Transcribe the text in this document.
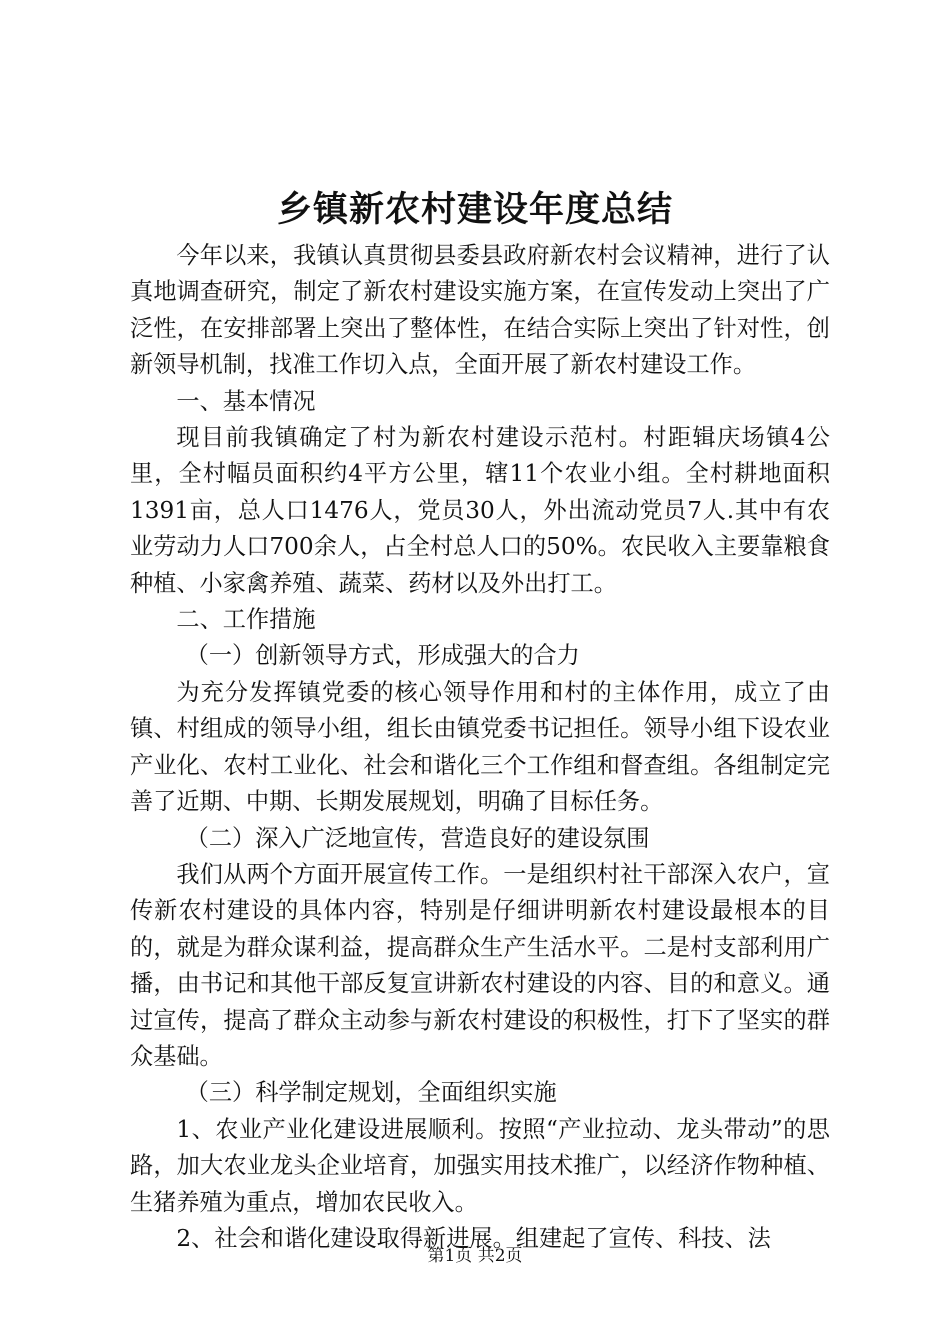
乡镇新农村建设年度总结

今年以来，我镇认真贯彻县委县政府新农村会议精神，进行了认真地调查研究，制定了新农村建设实施方案，在宣传发动上突出了广泛性，在安排部署上突出了整体性，在结合实际上突出了针对性，创新领导机制，找准工作切入点，全面开展了新农村建设工作。

一、基本情况

现目前我镇确定了村为新农村建设示范村。村距辑庆场镇4公里，全村幅员面积约4平方公里，辖11个农业小组。全村耕地面积1391亩，总人口1476人，党员30人，外出流动党员7人.其中有农业劳动力人口700余人，占全村总人口的50%。农民收入主要靠粮食种植、小家禽养殖、蔬菜、药材以及外出打工。

二、工作措施

（一）创新领导方式，形成强大的合力

为充分发挥镇党委的核心领导作用和村的主体作用，成立了由镇、村组成的领导小组，组长由镇党委书记担任。领导小组下设农业产业化、农村工业化、社会和谐化三个工作组和督查组。各组制定完善了近期、中期、长期发展规划，明确了目标任务。

（二）深入广泛地宣传，营造良好的建设氛围

我们从两个方面开展宣传工作。一是组织村社干部深入农户，宣传新农村建设的具体内容，特别是仔细讲明新农村建设最根本的目的，就是为群众谋利益，提高群众生产生活水平。二是村支部利用广播，由书记和其他干部反复宣讲新农村建设的内容、目的和意义。通过宣传，提高了群众主动参与新农村建设的积极性，打下了坚实的群众基础。

（三）科学制定规划，全面组织实施

1、农业产业化建设进展顺利。按照“产业拉动、龙头带动”的思路，加大农业龙头企业培育，加强实用技术推广，以经济作物种植、生猪养殖为重点，增加农民收入。

2、社会和谐化建设取得新进展。组建起了宣传、科技、法

第1页 共2页
